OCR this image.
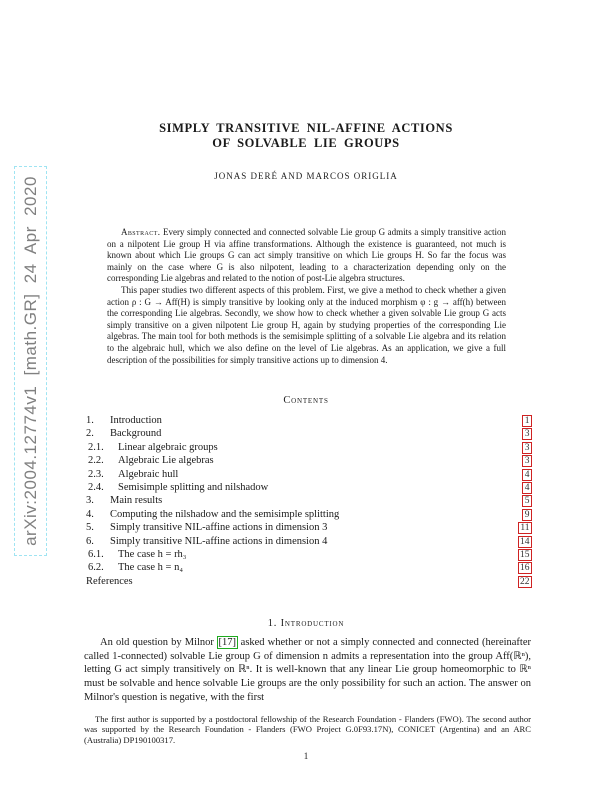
arXiv:2004.12774v1 [math.GR] 24 Apr 2020
SIMPLY TRANSITIVE NIL-AFFINE ACTIONS
OF SOLVABLE LIE GROUPS
JONAS DERÉ AND MARCOS ORIGLIA

Abstract. Every simply connected and connected solvable Lie group G admits a simply transitive action on a nilpotent Lie group H via affine transformations. Although the existence is guaranteed, not much is known about which Lie groups G can act simply transitive on which Lie groups H. So far the focus was mainly on the case where G is also nilpotent, leading to a characterization depending only on the corresponding Lie algebras and related to the notion of post-Lie algebra structures.

This paper studies two different aspects of this problem. First, we give a method to check whether a given action ρ : G → Aff(H) is simply transitive by looking only at the induced morphism φ : g → aff(h) between the corresponding Lie algebras. Secondly, we show how to check whether a given solvable Lie group G acts simply transitive on a given nilpotent Lie group H, again by studying properties of the corresponding Lie algebras. The main tool for both methods is the semisimple splitting of a solvable Lie algebra and its relation to the algebraic hull, which we also define on the level of Lie algebras. As an application, we give a full description of the possibilities for simply transitive actions up to dimension 4.

Contents
1.	Introduction	1
2.	Background	3
2.1.	Linear algebraic groups	3
2.2.	Algebraic Lie algebras	3
2.3.	Algebraic hull	4
2.4.	Semisimple splitting and nilshadow	4
3.	Main results	5
4.	Computing the nilshadow and the semisimple splitting	9
5.	Simply transitive NIL-affine actions in dimension 3	11
6.	Simply transitive NIL-affine actions in dimension 4	14
6.1.	The case h = rh₃	15
6.2.	The case h = n₄	16
References	22
1. Introduction

An old question by Milnor [17] asked whether or not a simply connected and connected (hereinafter called 1-connected) solvable Lie group G of dimension n admits a representation into the group Aff(ℝⁿ), letting G act simply transitively on ℝⁿ. It is well-known that any linear Lie group homeomorphic to ℝⁿ must be solvable and hence solvable Lie groups are the only possibility for such an action. The answer on Milnor's question is negative, with the first

The first author is supported by a postdoctoral fellowship of the Research Foundation - Flanders (FWO). The second author was supported by the Research Foundation - Flanders (FWO Project G.0F93.17N), CONICET (Argentina) and an ARC (Australia) DP190100317.

1
